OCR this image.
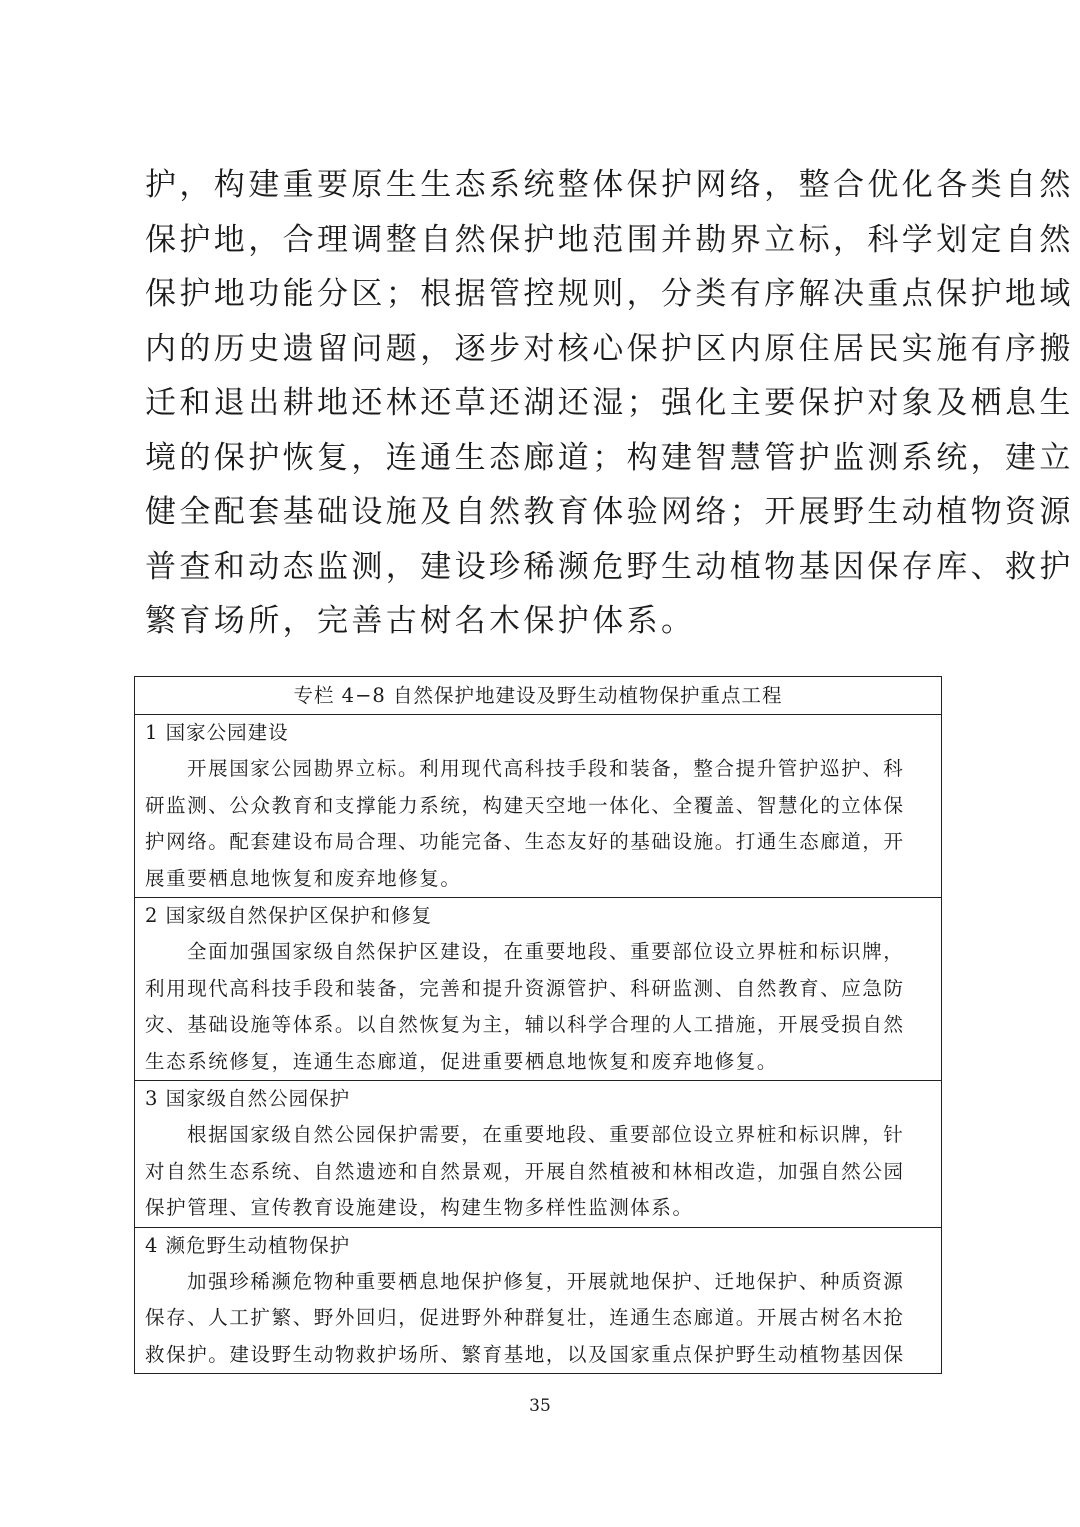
护，构建重要原生生态系统整体保护网络，整合优化各类自然
保护地，合理调整自然保护地范围并勘界立标，科学划定自然
保护地功能分区；根据管控规则，分类有序解决重点保护地域
内的历史遗留问题，逐步对核心保护区内原住居民实施有序搬
迁和退出耕地还林还草还湖还湿；强化主要保护对象及栖息生
境的保护恢复，连通生态廊道；构建智慧管护监测系统，建立
健全配套基础设施及自然教育体验网络；开展野生动植物资源
普查和动态监测，建设珍稀濒危野生动植物基因保存库、救护
繁育场所，完善古树名木保护体系。
专栏 4−8 自然保护地建设及野生动植物保护重点工程
1 国家公园建设
开展国家公园勘界立标。利用现代高科技手段和装备，整合提升管护巡护、科
研监测、公众教育和支撑能力系统，构建天空地一体化、全覆盖、智慧化的立体保
护网络。配套建设布局合理、功能完备、生态友好的基础设施。打通生态廊道，开
展重要栖息地恢复和废弃地修复。
2 国家级自然保护区保护和修复
全面加强国家级自然保护区建设，在重要地段、重要部位设立界桩和标识牌，
利用现代高科技手段和装备，完善和提升资源管护、科研监测、自然教育、应急防
灾、基础设施等体系。以自然恢复为主，辅以科学合理的人工措施，开展受损自然
生态系统修复，连通生态廊道，促进重要栖息地恢复和废弃地修复。
3 国家级自然公园保护
根据国家级自然公园保护需要，在重要地段、重要部位设立界桩和标识牌，针
对自然生态系统、自然遗迹和自然景观，开展自然植被和林相改造，加强自然公园
保护管理、宣传教育设施建设，构建生物多样性监测体系。
4 濒危野生动植物保护
加强珍稀濒危物种重要栖息地保护修复，开展就地保护、迁地保护、种质资源
保存、人工扩繁、野外回归，促进野外种群复壮，连通生态廊道。开展古树名木抢
救保护。建设野生动物救护场所、繁育基地，以及国家重点保护野生动植物基因保
35
